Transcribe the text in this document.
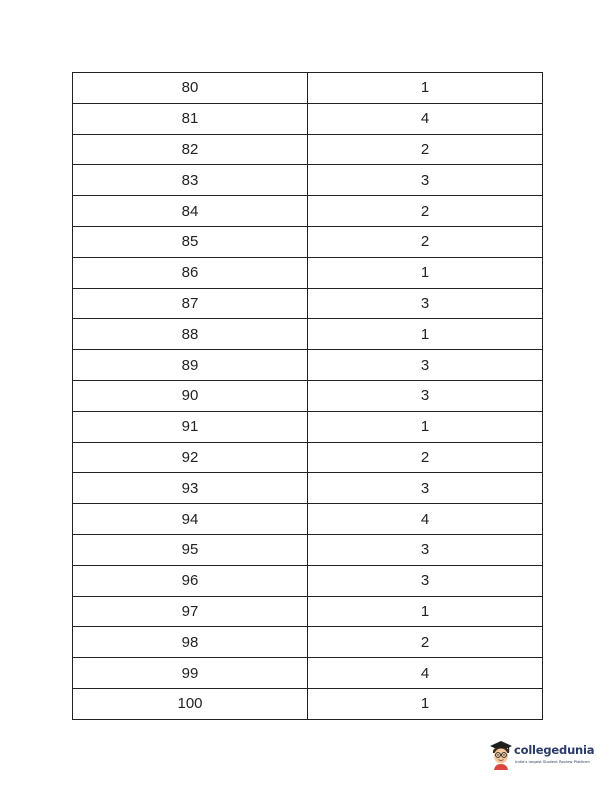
80	1
81	4
82	2
83	3
84	2
85	2
86	1
87	3
88	1
89	3
90	3
91	1
92	2
93	3
94	4
95	3
96	3
97	1
98	2
99	4
100	1
collegedunia
India's largest Student Review Platform
